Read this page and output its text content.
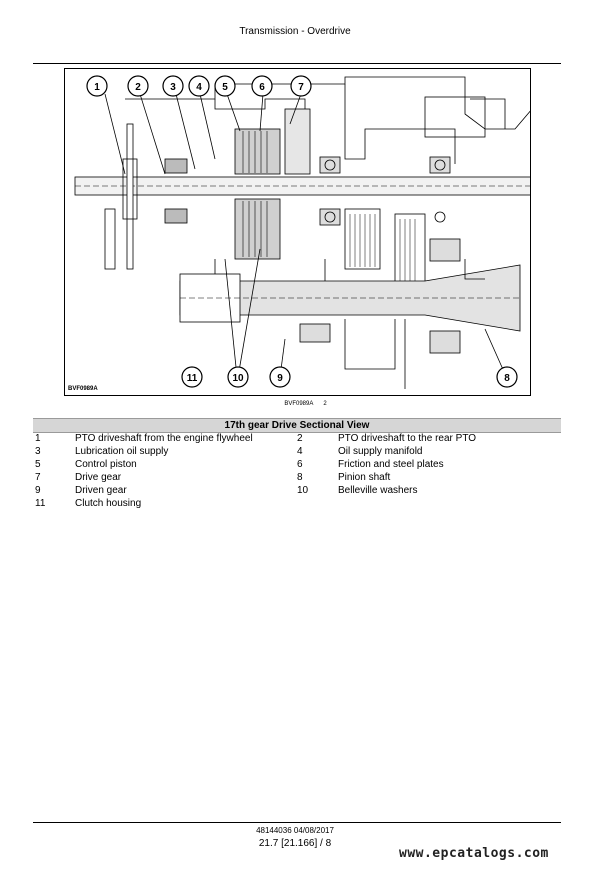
Transmission - Overdrive
1	2	3 4 5	6	7
8
9
10
11
BVF0989A
BVF0989A 2
17th gear Drive Sectional View
1	PTO driveshaft from the engine flywheel	2	PTO driveshaft to the rear PTO
3	Lubrication oil supply	4	Oil supply manifold
5	Control piston	6	Friction and steel plates
7	Drive gear	8	Pinion shaft
9	Driven gear	10	Belleville washers
11	Clutch housing
48144036 04/08/2017
21.7 [21.166] / 8
www.epcatalogs.com
